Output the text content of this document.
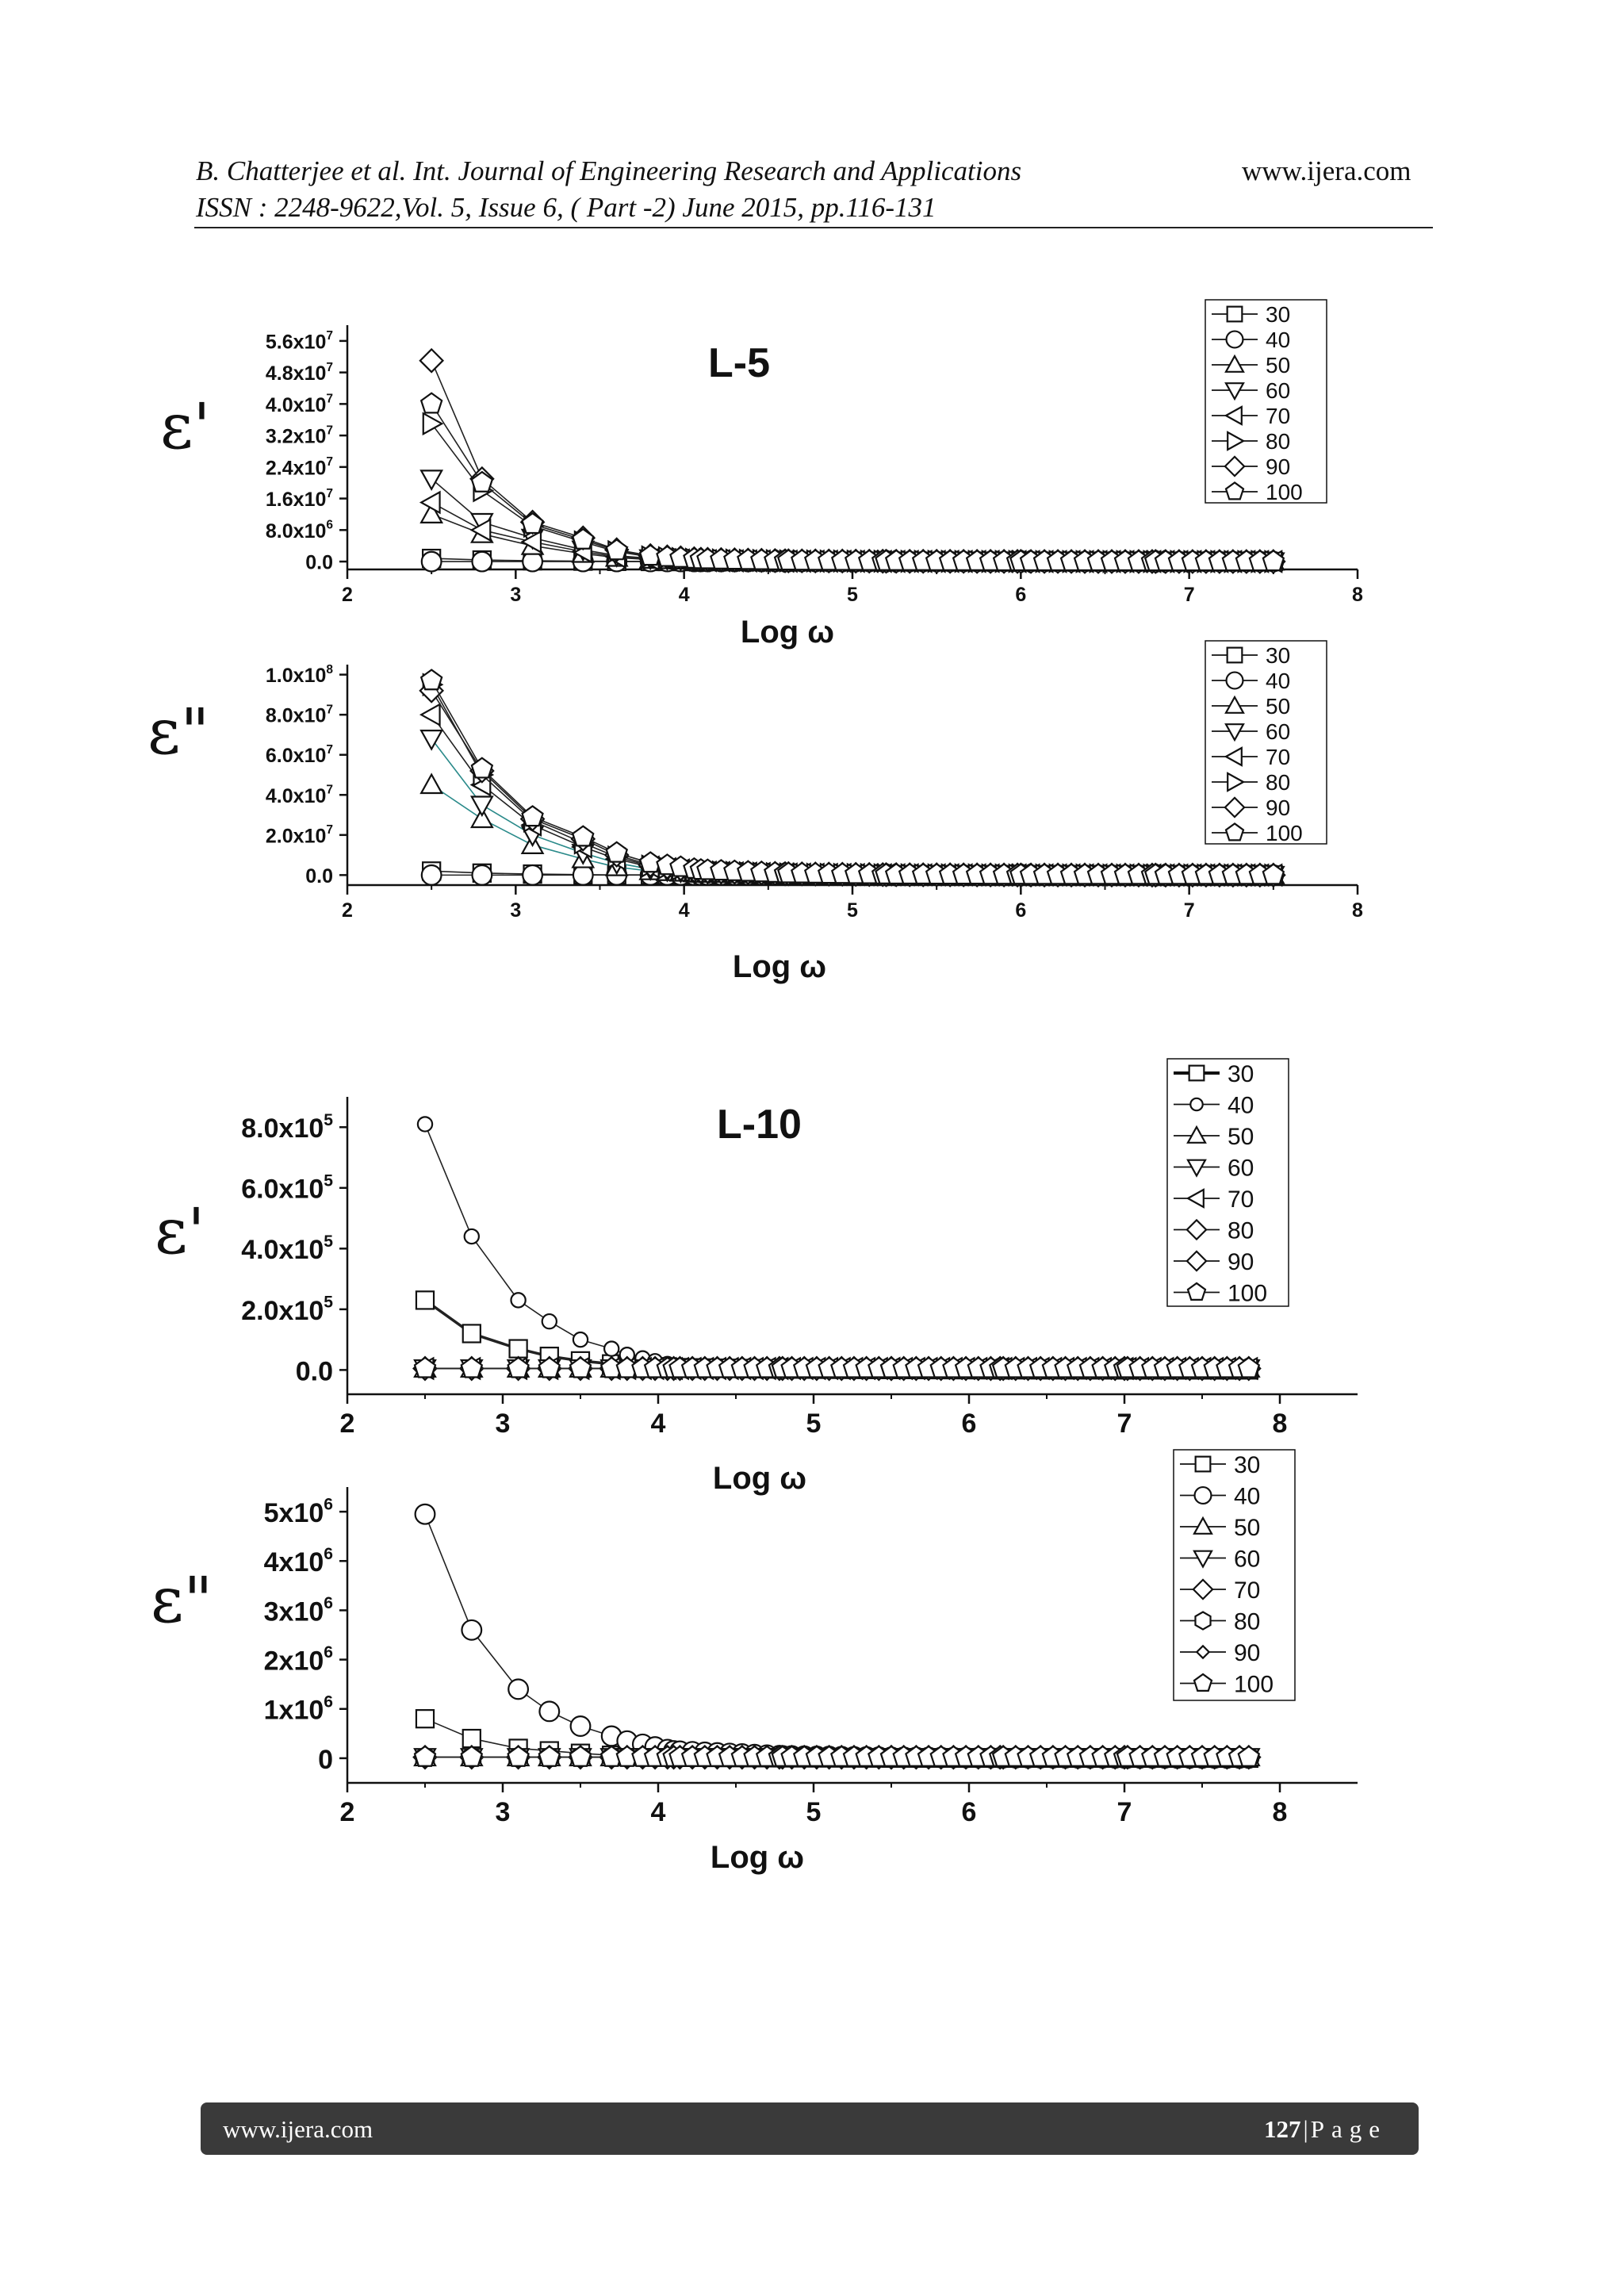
B. Chatterjee et al. Int. Journal of Engineering Research and Applications
ISSN : 2248-9622,Vol. 5, Issue 6, ( Part -2) June 2015, pp.116-131
www.ijera.com
2	3	4	5	6	7	8
0.0
$8.0x10^6$
$1.6x10^7$
$2.4x10^7$
$3.2x10^7$
$4.0x10^7$
$4.8x10^7$
$5.6x10^7$
ε'
Log ω
L-5
30
40
50
60
70
80
90
100
2	3	4	5	6	7	8
0.0
$2.0x10^7$
$4.0x10^7$
$6.0x10^7$
$8.0x10^7$
$1.0x10^8$
ε"
Log ω
30
40
50
60
70
80
90
100
2	3	4	5	6	7	8
0.0
$2.0x10^5$
$4.0x10^5$
$6.0x10^5$
$8.0x10^5$
ε'
Log ω
L-10
30
40
50
60
70
80
90
100
2	3	4	5	6	7	8
0
$1x10^6$
$2x10^6$
$3x10^6$
$4x10^6$
$5x10^6$
ε"
Log ω
30
40
50
60
70
80
90
100
www.ijera.com	127|Page
